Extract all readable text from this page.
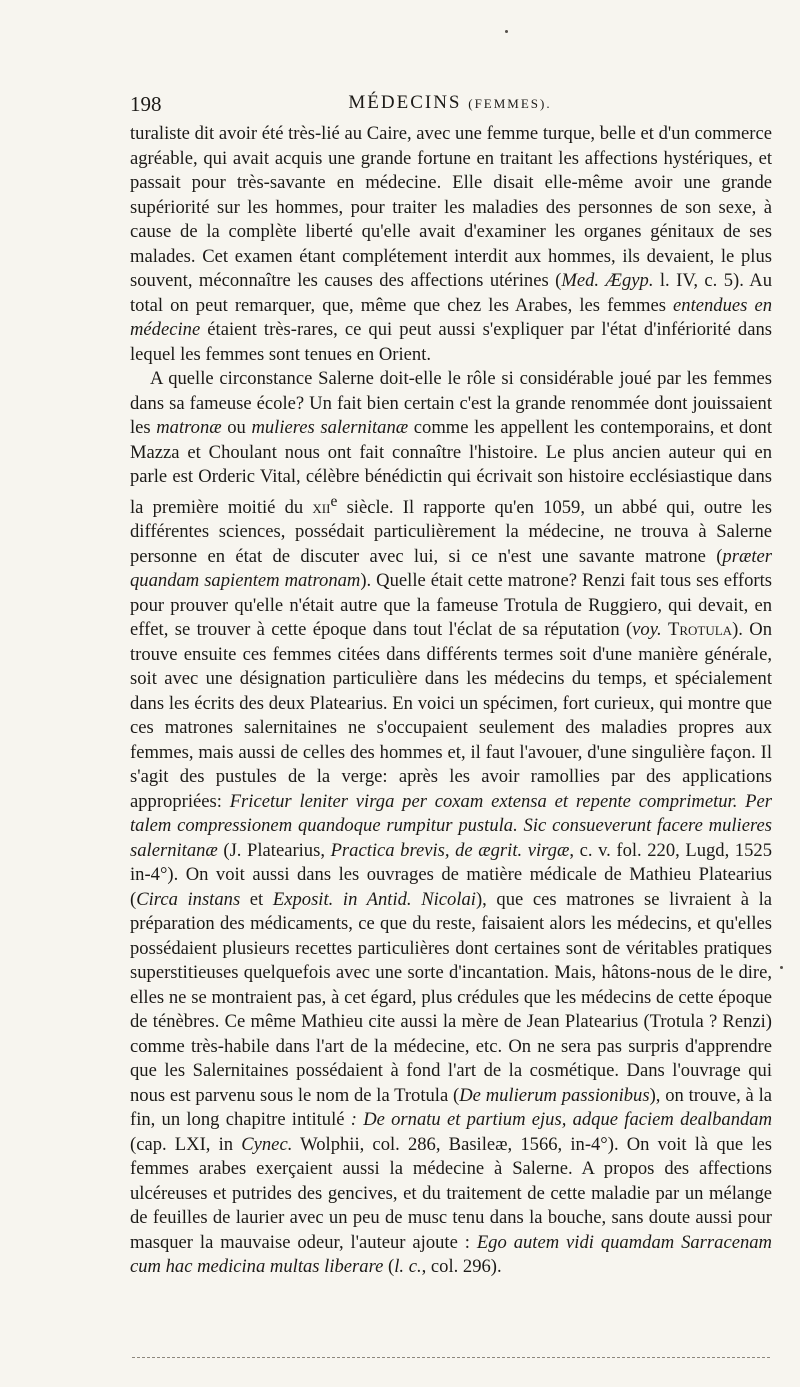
198	MÉDECINS (FEMMES).

turaliste dit avoir été très-lié au Caire, avec une femme turque, belle et d'un commerce agréable, qui avait acquis une grande fortune en traitant les affections hystériques, et passait pour très-savante en médecine. Elle disait elle-même avoir une grande supériorité sur les hommes, pour traiter les maladies des personnes de son sexe, à cause de la complète liberté qu'elle avait d'examiner les organes génitaux de ses malades. Cet examen étant complétement interdit aux hommes, ils devaient, le plus souvent, méconnaître les causes des affections utérines (Med. Ægyp. l. IV, c. 5). Au total on peut remarquer, que, même que chez les Arabes, les femmes entendues en médecine étaient très-rares, ce qui peut aussi s'expliquer par l'état d'infériorité dans lequel les femmes sont tenues en Orient.

A quelle circonstance Salerne doit-elle le rôle si considérable joué par les femmes dans sa fameuse école? Un fait bien certain c'est la grande renommée dont jouissaient les matronæ ou mulieres salernitanæ comme les appellent les contemporains, et dont Mazza et Choulant nous ont fait connaître l'histoire. Le plus ancien auteur qui en parle est Orderic Vital, célèbre bénédictin qui écrivait son histoire ecclésiastique dans la première moitié du xii$^e$ siècle. Il rapporte qu'en 1059, un abbé qui, outre les différentes sciences, possédait particulièrement la médecine, ne trouva à Salerne personne en état de discuter avec lui, si ce n'est une savante matrone (præter quandam sapientem matronam). Quelle était cette matrone? Renzi fait tous ses efforts pour prouver qu'elle n'était autre que la fameuse Trotula de Ruggiero, qui devait, en effet, se trouver à cette époque dans tout l'éclat de sa réputation (voy. Trotula). On trouve ensuite ces femmes citées dans différents termes soit d'une manière générale, soit avec une désignation particulière dans les médecins du temps, et spécialement dans les écrits des deux Platearius. En voici un spécimen, fort curieux, qui montre que ces matrones salernitaines ne s'occupaient seulement des maladies propres aux femmes, mais aussi de celles des hommes et, il faut l'avouer, d'une singulière façon. Il s'agit des pustules de la verge: après les avoir ramollies par des applications appropriées: Fricetur leniter virga per coxam extensa et repente comprimetur. Per talem compressionem quandoque rumpitur pustula. Sic consueverunt facere mulieres salernitanæ (J. Platearius, Practica brevis, de ægrit. virgæ, c. v. fol. 220, Lugd, 1525 in-4°). On voit aussi dans les ouvrages de matière médicale de Mathieu Platearius (Circa instans et Exposit. in Antid. Nicolai), que ces matrones se livraient à la préparation des médicaments, ce que du reste, faisaient alors les médecins, et qu'elles possédaient plusieurs recettes particulières dont certaines sont de véritables pratiques superstitieuses quelquefois avec une sorte d'incantation. Mais, hâtons-nous de le dire, elles ne se montraient pas, à cet égard, plus crédules que les médecins de cette époque de ténèbres. Ce même Mathieu cite aussi la mère de Jean Platearius (Trotula ? Renzi) comme très-habile dans l'art de la médecine, etc. On ne sera pas surpris d'apprendre que les Salernitaines possédaient à fond l'art de la cosmétique. Dans l'ouvrage qui nous est parvenu sous le nom de la Trotula (De mulierum passionibus), on trouve, à la fin, un long chapitre intitulé : De ornatu et partium ejus, adque faciem dealbandam (cap. LXI, in Cynec. Wolphii, col. 286, Basileæ, 1566, in-4°). On voit là que les femmes arabes exerçaient aussi la médecine à Salerne. A propos des affections ulcéreuses et putrides des gencives, et du traitement de cette maladie par un mélange de feuilles de laurier avec un peu de musc tenu dans la bouche, sans doute aussi pour masquer la mauvaise odeur, l'auteur ajoute : Ego autem vidi quamdam Sarracenam cum hac medicina multas liberare (l. c., col. 296).
